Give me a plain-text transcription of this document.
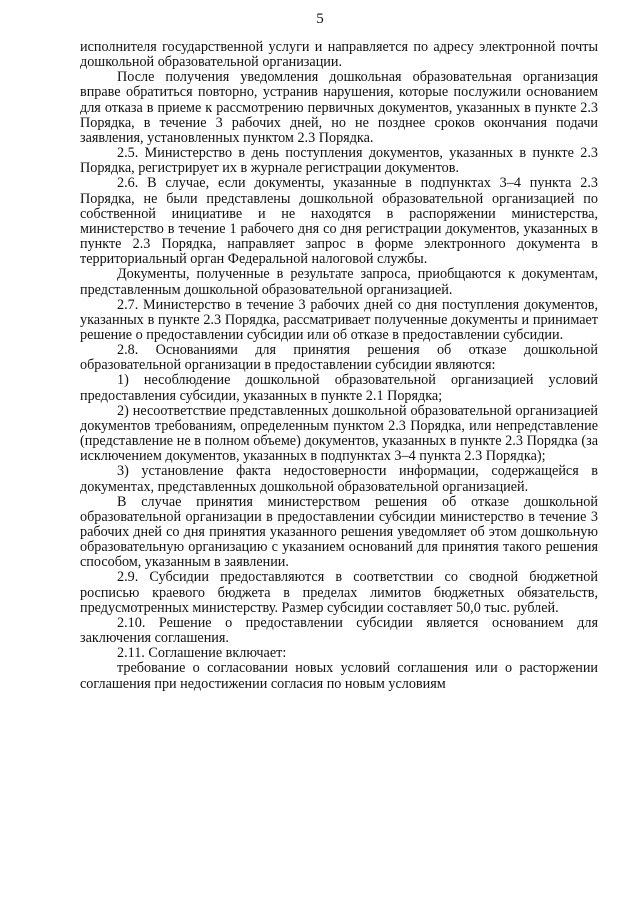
5

исполнителя государственной услуги и направляется по адресу электронной почты дошкольной образовательной организации.

После получения уведомления дошкольная образовательная организация вправе обратиться повторно, устранив нарушения, которые послужили основанием для отказа в приеме к рассмотрению первичных документов, указанных в пункте 2.3 Порядка, в течение 3 рабочих дней, но не позднее сроков окончания подачи заявления, установленных пунктом 2.3 Порядка.

2.5. Министерство в день поступления документов, указанных в пункте 2.3 Порядка, регистрирует их в журнале регистрации документов.

2.6. В случае, если документы, указанные в подпунктах 3–4 пункта 2.3 Порядка, не были представлены дошкольной образовательной организацией по собственной инициативе и не находятся в распоряжении министерства, министерство в течение 1 рабочего дня со дня регистрации документов, указанных в пункте 2.3 Порядка, направляет запрос в форме электронного документа в территориальный орган Федеральной налоговой службы.

Документы, полученные в результате запроса, приобщаются к документам, представленным дошкольной образовательной организацией.

2.7. Министерство в течение 3 рабочих дней со дня поступления документов, указанных в пункте 2.3 Порядка, рассматривает полученные документы и принимает решение о предоставлении субсидии или об отказе в предоставлении субсидии.

2.8. Основаниями для принятия решения об отказе дошкольной образовательной организации в предоставлении субсидии являются:

1) несоблюдение дошкольной образовательной организацией условий предоставления субсидии, указанных в пункте 2.1 Порядка;

2) несоответствие представленных дошкольной образовательной организацией документов требованиям, определенным пунктом 2.3 Порядка, или непредставление (представление не в полном объеме) документов, указанных в пункте 2.3 Порядка (за исключением документов, указанных в подпунктах 3–4 пункта 2.3 Порядка);

3) установление факта недостоверности информации, содержащейся в документах, представленных дошкольной образовательной организацией.

В случае принятия министерством решения об отказе дошкольной образовательной организации в предоставлении субсидии министерство в течение 3 рабочих дней со дня принятия указанного решения уведомляет об этом дошкольную образовательную организацию с указанием оснований для принятия такого решения способом, указанным в заявлении.

2.9. Субсидии предоставляются в соответствии со сводной бюджетной росписью краевого бюджета в пределах лимитов бюджетных обязательств, предусмотренных министерству. Размер субсидии составляет 50,0 тыс. рублей.

2.10. Решение о предоставлении субсидии является основанием для заключения соглашения.

2.11. Соглашение включает:

требование о согласовании новых условий соглашения или о расторжении соглашения при недостижении согласия по новым условиям
